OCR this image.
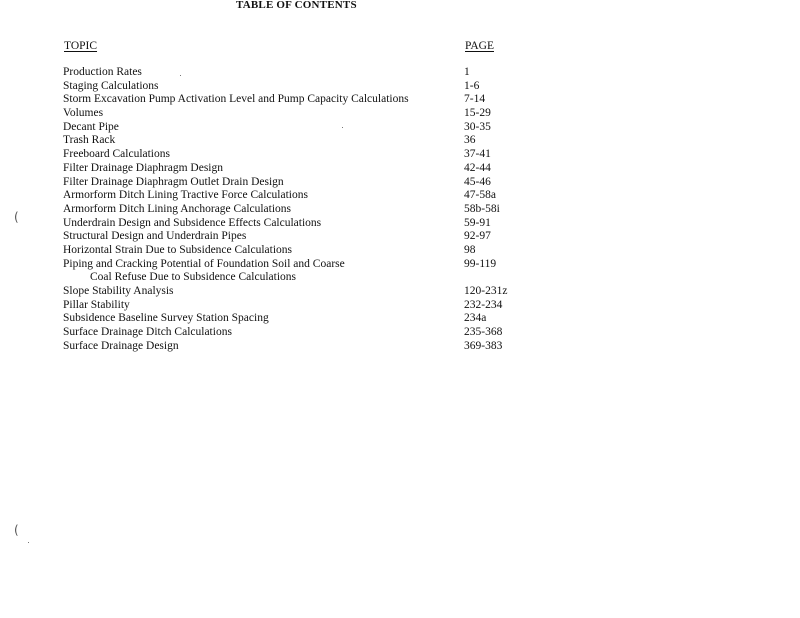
TABLE OF CONTENTS
TOPIC	PAGE
Production Rates	1
Staging Calculations	1-6
Storm Excavation Pump Activation Level and Pump Capacity Calculations	7-14
Volumes	15-29
Decant Pipe	30-35
Trash Rack	36
Freeboard Calculations	37-41
Filter Drainage Diaphragm Design	42-44
Filter Drainage Diaphragm Outlet Drain Design	45-46
Armorform Ditch Lining Tractive Force Calculations	47-58a
Armorform Ditch Lining Anchorage Calculations	58b-58i
Underdrain Design and Subsidence Effects Calculations	59-91
Structural Design and Underdrain Pipes	92-97
Horizontal Strain Due to Subsidence Calculations	98
Piping and Cracking Potential of Foundation Soil and Coarse	99-119
Coal Refuse Due to Subsidence Calculations
Slope Stability Analysis	120-231z
Pillar Stability	232-234
Subsidence Baseline Survey Station Spacing	234a
Surface Drainage Ditch Calculations	235-368
Surface Drainage Design	369-383
(
(
